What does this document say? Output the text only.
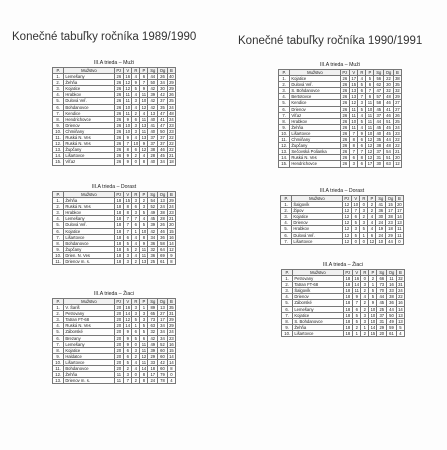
Konečné tabuľky ročníka 1989/1990	Konečné tabuľky ročníka 1990/1991
III.A trieda – Muži
P.	Mužstvo	Pz	V	R	P	Sg	Og	B
1.	Lemešany	26	16	4	6	44	26	40
2.	Žehňa	26	12	9	7	50	34	29
3.	Kojatice	26	12	5	9	42	30	29
4.	Hrabkov	26	11	4	11	39	42	26
5.	Dulová Veľ.	26	11	3	10	42	37	25
6.	Bohdanovce	26	10	4	12	42	35	24
7.	Kendice	26	11	2	4	13	47	48
8.	Hendrichovce	26	9	6	11	40	41	24
9.	Drienov	26	10	3	13	41	47	23
10.	Chmiňany	26	10	3	11	40	50	23
11.	Ruská N. Ves	26	9	4	13	37	37	22
12.	Ruská N. Ves	26	7	10	9	37	37	22
13.	Župčany	26	8	6	12	38	46	22
14.	Lišartovce	26	9	2	4	28	45	21
15.	Víťaz	26	9	0	8	40	34	18
III.A trieda – Dorast
P.	Mužstvo	Pz	V	R	P	Sg	Og	B
1.	Žehňa	18	15	3	2	54	13	29
2.	Ruská N. Ves	18	8	6	3	52	24	24
3.	Hrabkov	18	8	3	5	49	38	23
4.	Lemešany	18	7	7	4	45	28	21
5.	Dulová Veľ.	18	7	6	5	39	26	20
6.	Kojatice	18	7	1	10	42	46	15
7.	Lišartovce	18	6	4	8	34	36	16
8.	Bohdanovce	18	5	4	9	36	58	14
9.	Župčany	18	5	2	11	32	64	12
10.	Drien. N. Ves	18	3	4	11	36	69	9
11.	Drienov m. s.	18	3	2	13	25	61	8
III.A trieda – Žiaci
P.	Mužstvo	Pz	V	R	P	Sg	Og	B
1.	V. Šariš	20	16	3	1	89	13	35
2.	Petrovany	20	14	3	3	65	27	31
3.	Tatran FT-68	20	12	5	3	73	17	29
4.	Ruská N. Ves	20	14	1	5	63	34	29
5.	Záborské	20	9	6	5	32	34	24
6.	Brezany	20	9	5	6	42	34	23
7.	Lemešany	20	9	0	11	49	52	16
8.	Kojatice	20	6	3	11	39	60	15
9.	Haldatce	20	6	2	12	29	60	14
10.	Lišartovce	20	5	4	11	33	42	14
11.	Bohdanovce	20	2	4	14	18	60	8
12.	Žehňa	11	3	0	8	17	79	0
13.	Drienov m. s.	11	7	2	8	24	78	4
III.A trieda – Muži
P.	Mužstvo	Pz	V	R	P	Sg	Og	B
1.	Kojatice	26	17	4	5	56	22	38
2.	Dulová Veľ.	26	15	5	6	62	30	35
3.	S. Bohdanovce	26	13	6	7	47	32	32
4.	Bertotovce	26	13	7	6	57	48	29
5.	Kendice	26	12	3	11	58	46	27
6.	Drienov	26	11	5	10	45	41	27
7.	Víťaz	26	11	4	11	37	46	26
8.	Hrabkov	26	10	5	11	44	51	25
9.	Žehňa	26	11	4	11	45	45	24
10.	Lišartovce	26	7	9	10	40	45	23
11.	Chmiňany	26	8	6	12	35	44	22
12.	Župčany	26	8	6	12	38	48	22
13.	Sečovská Polianka	26	7	7	12	37	54	21
14.	Ruská N. Ves	26	6	8	12	31	51	20
15.	Hendrichovce	26	3	6	17	30	63	12
III.A trieda – Dorast
P.	Mužstvo	Pz	V	R	P	Sg	Og	B
1.	Šalgovík	12	10	0	2	41	15	20
2.	Žipov	12	7	3	2	36	17	17
3.	Kojatice	12	6	2	4	30	38	14
4.	Drienov	12	5	3	4	24	23	13
5.	Hrabkov	12	3	5	4	19	18	11
6.	Dulová Veľ.	12	5	1	6	24	29	11
7.	Lišartovce	12	0	0	12	10	44	0
III.A trieda – Žiaci
P.	Mužstvo	Pz	V	R	P	Sg	Og	B
1.	Petrovany	18	16	0	2	66	11	32
2.	Tatran FT-68	18	14	3	1	73	16	31
3.	Šalgovík	18	11	2	5	70	33	24
4.	Drienov	18	9	4	5	44	38	22
5.	Záborské	18	7	2	9	45	36	16
6.	Lemešany	18	6	2	10	25	44	14
7.	Kojatice	18	5	3	10	37	50	13
8.	S. Bohdanovce	18	5	3	10	31	49	13
9.	Žehňa	18	2	1	14	29	59	5
10.	Lišartovce	18	1	2	15	20	61	4
